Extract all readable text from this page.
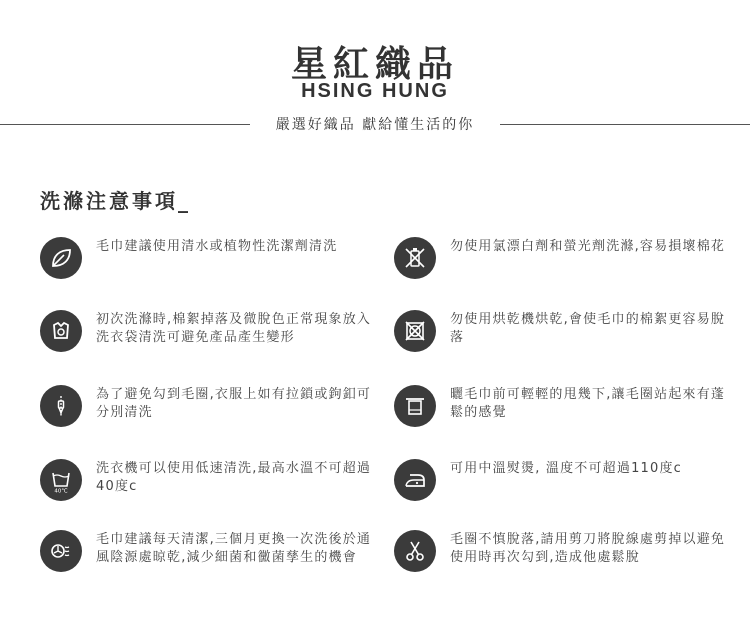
星紅織品
HSING HUNG
嚴選好織品 獻給懂生活的你
洗滌注意事項_
毛巾建議使用清水或植物性洗潔劑清洗
初次洗滌時,棉絮掉落及微脫色正常現象放入洗衣袋清洗可避免產品產生變形
為了避免勾到毛圈,衣服上如有拉鎖或鉤釦可分別清洗
40℃
洗衣機可以使用低速清洗,最高水溫不可超過40度c
毛巾建議每天清潔,三個月更換一次洗後於通風陰源處晾乾,減少細菌和黴菌孳生的機會
勿使用氯漂白劑和螢光劑洗滌,容易損壞棉花
勿使用烘乾機烘乾,會使毛巾的棉絮更容易脫落
曬毛巾前可輕輕的甩幾下,讓毛圈站起來有蓬鬆的感覺
可用中溫熨燙, 溫度不可超過110度c
毛圈不慎脫落,請用剪刀將脫線處剪掉以避免使用時再次勾到,造成他處鬆脫
